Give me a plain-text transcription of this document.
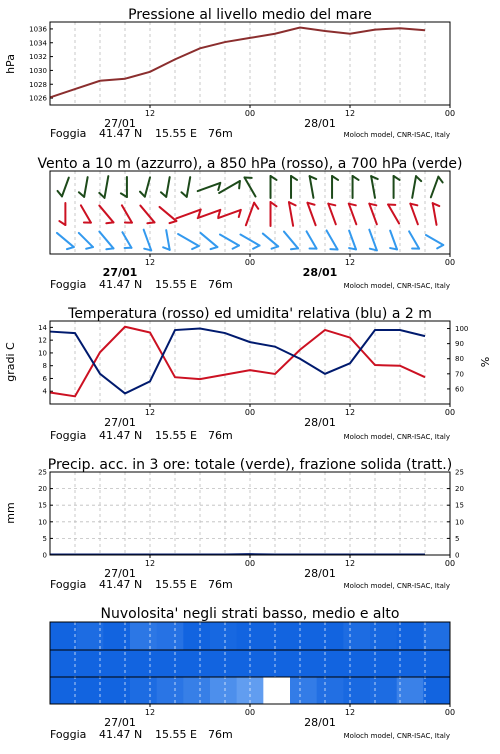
Pressione al livello medio del mare
hPa
1026
1028
1030
1032
1034
1036
12	00	12	00
27/01	28/01
Foggia 41.47 N 15.55 E 76m	Moloch model, CNR-ISAC, Italy
Vento a 10 m (azzurro), a 850 hPa (rosso), a 700 hPa (verde)
12	00	12	00
27/01	28/01
Foggia 41.47 N 15.55 E 76m	Moloch model, CNR-ISAC, Italy
Temperatura (rosso) ed umidita' relativa (blu) a 2 m
gradi C	%
4
6
8
10
12
14
60
70
80
90
100
12	00	12	00
27/01	28/01
Foggia 41.47 N 15.55 E 76m	Moloch model, CNR-ISAC, Italy
Precip. acc. in 3 ore: totale (verde), frazione solida (tratt.)
mm
0
5
10
15
20
25
0
5
10
15
20
25
12	00	12	00
27/01	28/01
Foggia 41.47 N 15.55 E 76m	Moloch model, CNR-ISAC, Italy
Nuvolosita' negli strati basso, medio e alto
12	00	12	00
27/01	28/01
Foggia 41.47 N 15.55 E 76m	Moloch model, CNR-ISAC, Italy
